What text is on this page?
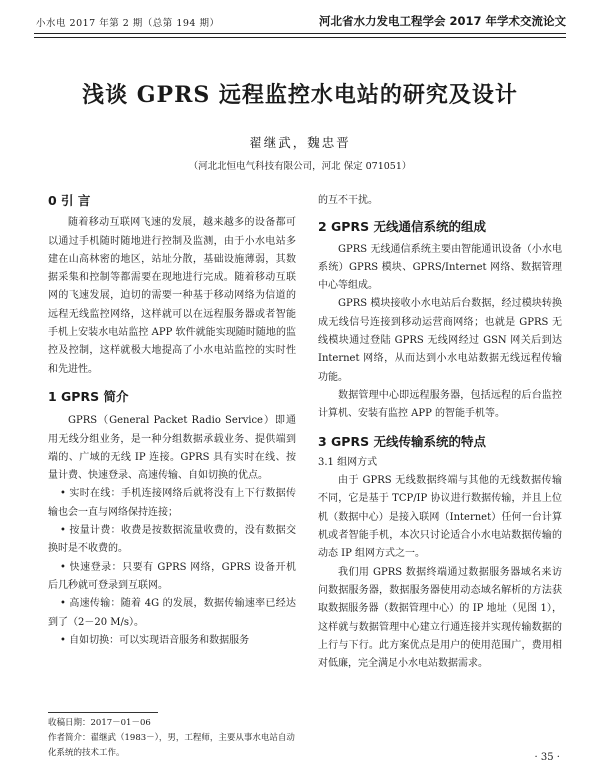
小水电 2017 年第 2 期（总第 194 期）	河北省水力发电工程学会 2017 年学术交流论文
浅谈 GPRS 远程监控水电站的研究及设计
翟继武，魏忠晋
（河北北恒电气科技有限公司，河北 保定 071051）

0 引 言

随着移动互联网飞速的发展，越来越多的设备都可以通过手机随时随地进行控制及监测，由于小水电站多建在山高林密的地区，站址分散，基础设施薄弱，其数据采集和控制等都需要在现地进行完成。随着移动互联网的飞速发展，迫切的需要一种基于移动网络为信道的远程无线监控网络，这样就可以在远程服务器或者智能手机上安装水电站监控 APP 软件就能实现随时随地的监控及控制，这样就极大地提高了小水电站监控的实时性和先进性。

1 GPRS 简介

GPRS（General Packet Radio Service）即通用无线分组业务，是一种分组数据承载业务、提供端到端的、广域的无线 IP 连接。GPRS 具有实时在线、按量计费、快速登录、高速传输、自如切换的优点。

• 实时在线：手机连接网络后就将没有上下行数据传输也会一直与网络保持连接；

• 按量计费：收费是按数据流量收费的，没有数据交换时是不收费的。

• 快速登录：只要有 GPRS 网络，GPRS 设备开机后几秒就可登录到互联网。

• 高速传输：随着 4G 的发展，数据传输速率已经达到了（2－20 M/s）。

• 自如切换：可以实现语音服务和数据服务

的互不干扰。

2 GPRS 无线通信系统的组成

GPRS 无线通信系统主要由智能通讯设备（小水电系统）GPRS 模块、GPRS/Internet 网络、数据管理中心等组成。

GPRS 模块接收小水电站后台数据，经过模块转换成无线信号连接到移动运营商网络；也就是 GPRS 无线模块通过登陆 GPRS 无线网经过 GSN 网关后到达 Internet 网络，从而达到小水电站数据无线远程传输功能。

数据管理中心即远程服务器，包括远程的后台监控计算机、安装有监控 APP 的智能手机等。

3 GPRS 无线传输系统的特点

3.1 组网方式

由于 GPRS 无线数据终端与其他的无线数据传输不同，它是基于 TCP/IP 协议进行数据传输，并且上位机（数据中心）是接入联网（Internet）任何一台计算机或者智能手机，本次只讨论适合小水电站数据传输的动态 IP 组网方式之一。

我们用 GPRS 数据终端通过数据服务器域名来访问数据服务器，数据服务器使用动态域名解析的方法获取数据服务器（数据管理中心）的 IP 地址（见图 1），这样就与数据管理中心建立行通连接并实现传输数据的上行与下行。此方案优点是用户的使用范围广，费用相对低廉，完全满足小水电站数据需求。

收稿日期：2017－01－06
作者简介：翟继武（1983－），男，工程师，主要从事水电站自动化系统的技术工作。	· 35 ·
